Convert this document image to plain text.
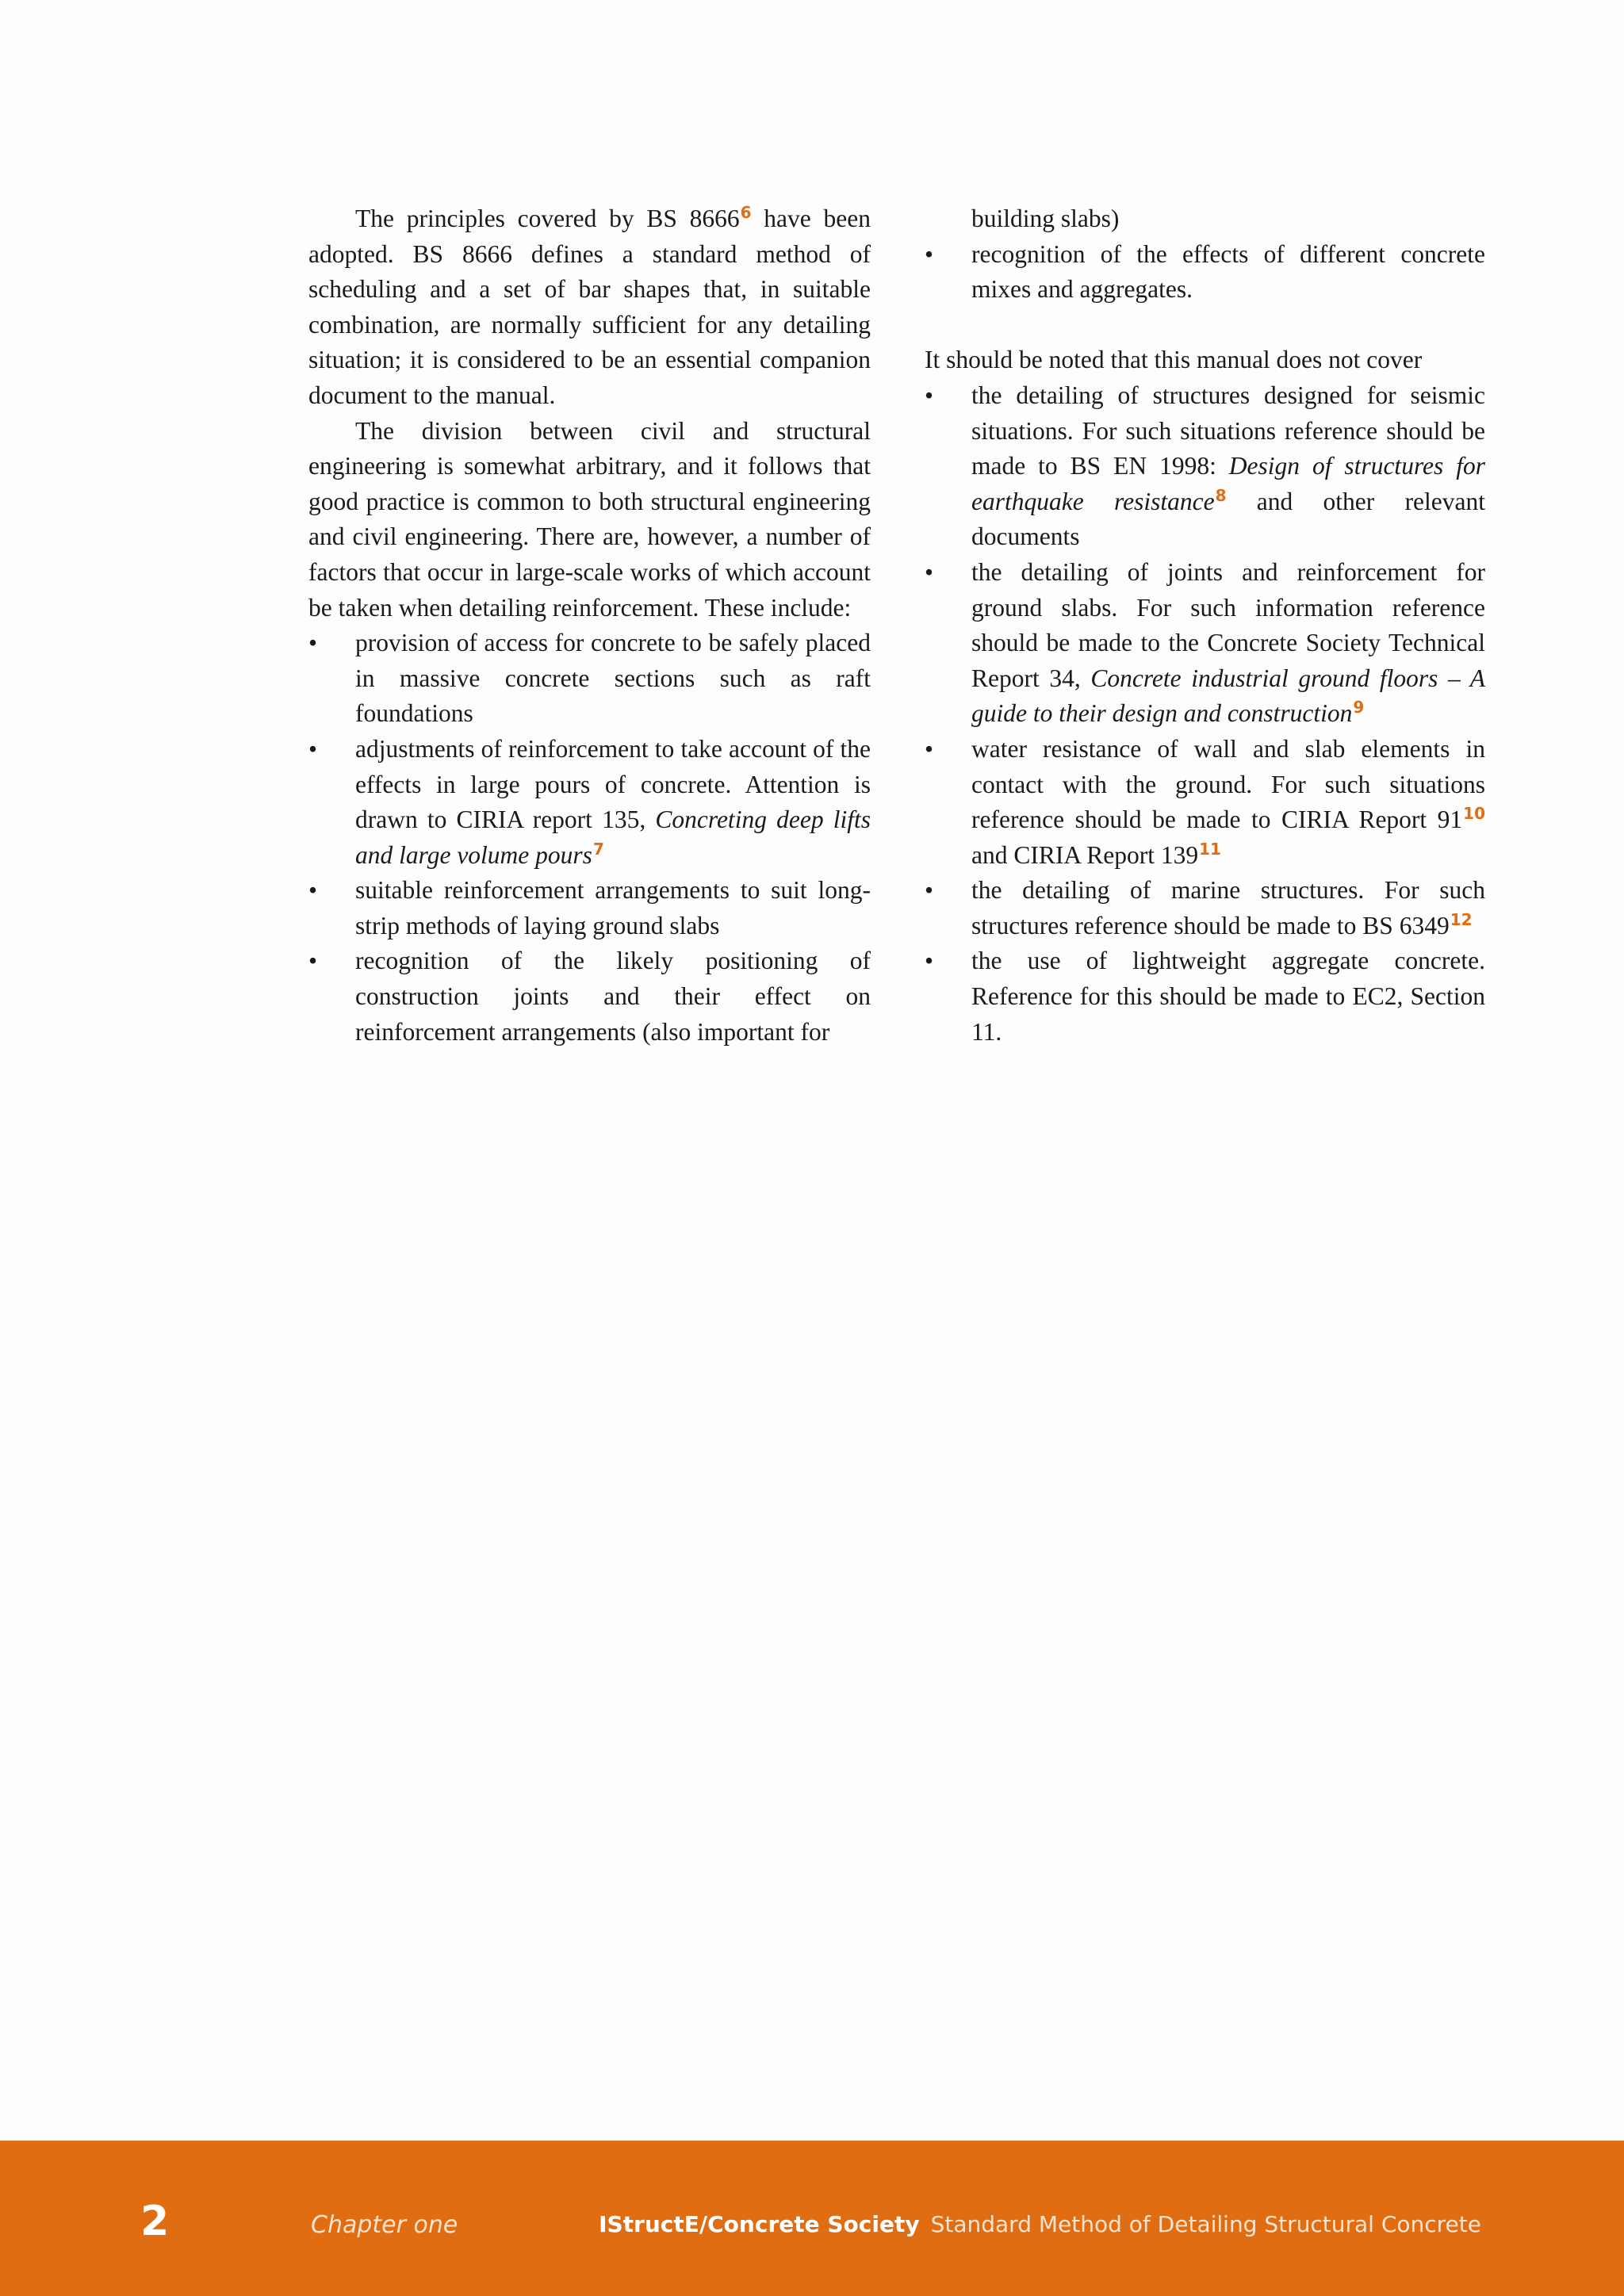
The principles covered by BS 8666$^6$ have been adopted. BS 8666 defines a standard method of scheduling and a set of bar shapes that, in suitable combination, are normally sufficient for any detailing situation; it is considered to be an essential companion document to the manual.

The division between civil and structural engineering is somewhat arbitrary, and it follows that good practice is common to both structural engineering and civil engineering. There are, however, a number of factors that occur in large-scale works of which account be taken when detailing reinforcement. These include:

• provision of access for concrete to be safely placed in massive concrete sections such as raft foundations
• adjustments of reinforcement to take account of the effects in large pours of concrete. Attention is drawn to CIRIA report 135, Concreting deep lifts and large volume pours$^7$
• suitable reinforcement arrangements to suit long-strip methods of laying ground slabs
• recognition of the likely positioning of construction joints and their effect on reinforcement arrangements (also important for
building slabs)
• recognition of the effects of different concrete mixes and aggregates.

It should be noted that this manual does not cover

• the detailing of structures designed for seismic situations. For such situations reference should be made to BS EN 1998: Design of structures for earthquake resistance$^8$ and other relevant documents
• the detailing of joints and reinforcement for ground slabs. For such information reference should be made to the Concrete Society Technical Report 34, Concrete industrial ground floors – A guide to their design and construction$^9$
• water resistance of wall and slab elements in contact with the ground. For such situations reference should be made to CIRIA Report 91$^{10}$ and CIRIA Report 139$^{11}$
• the detailing of marine structures. For such structures reference should be made to BS 6349$^{12}$
• the use of lightweight aggregate concrete. Reference for this should be made to EC2, Section 11.
2	Chapter one	IStructE/Concrete Society Standard Method of Detailing Structural Concrete
